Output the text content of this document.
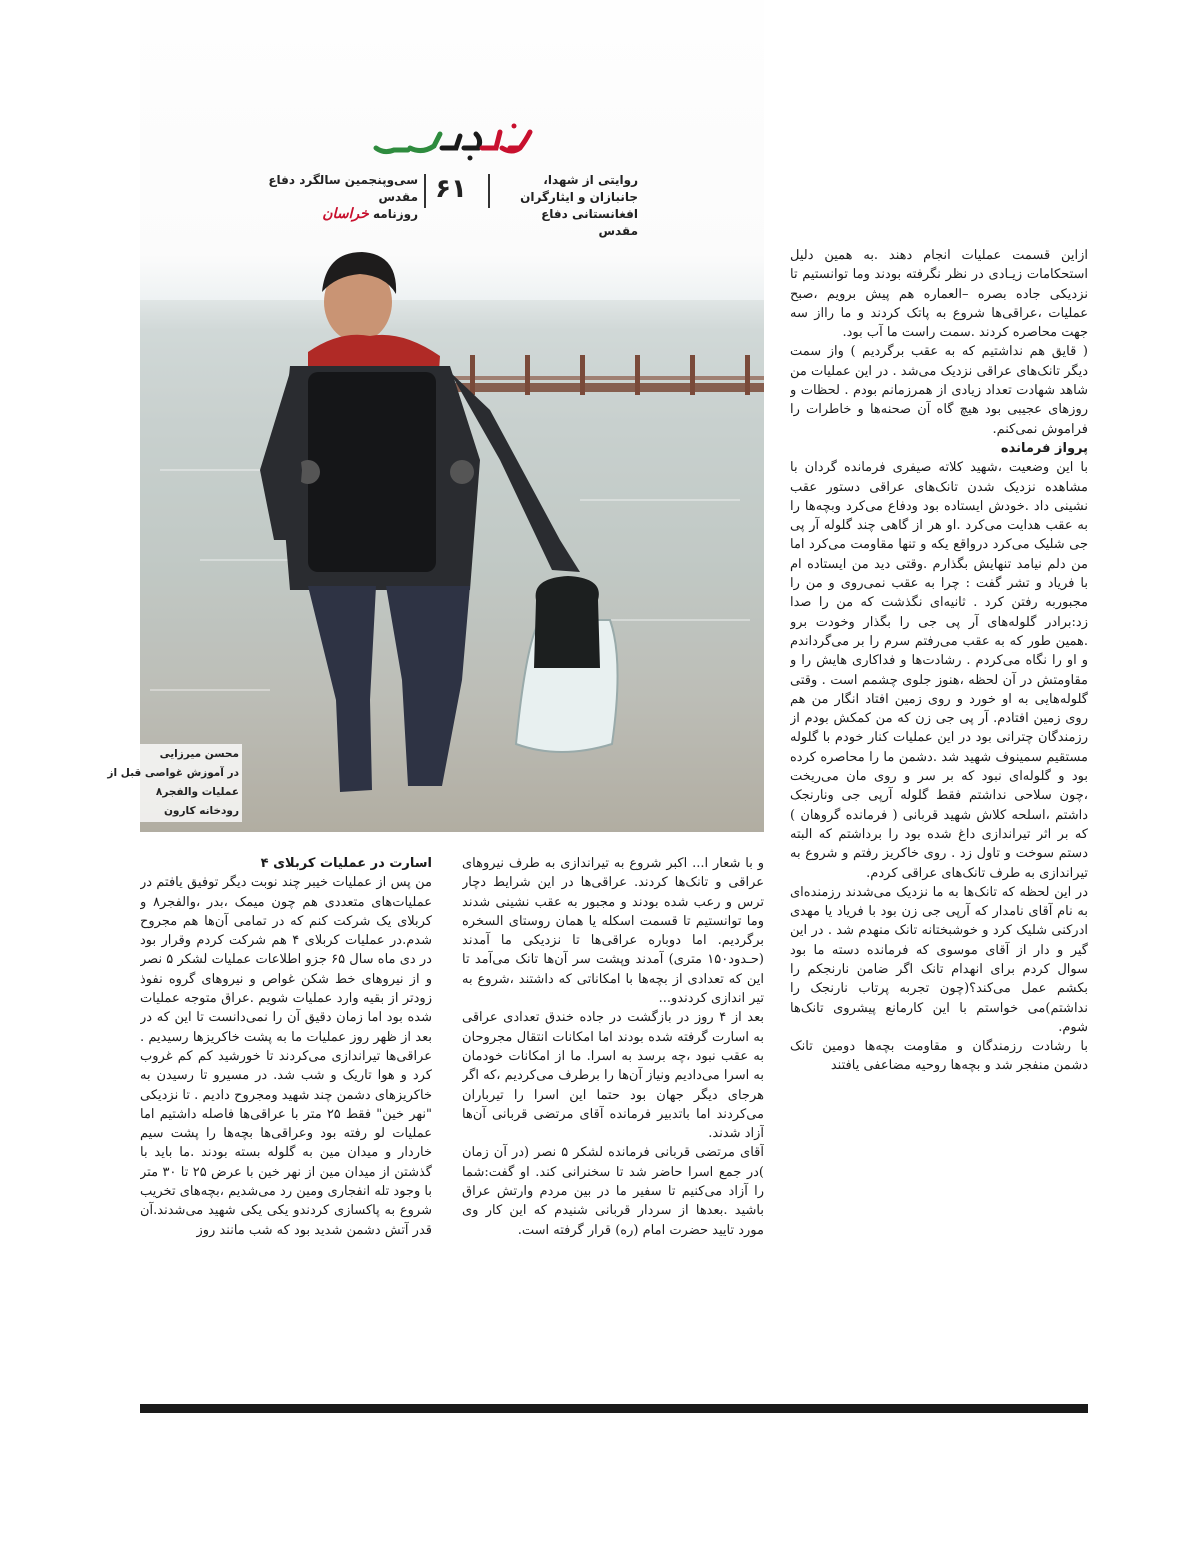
روایتی از شهدا، جانبازان و ایثارگران
افغانستانی دفاع مقدس
۶۱
سی‌وپنجمین سالگرد دفاع مقدس
روزنامه خراسان
محسن میرزایی
در آموزش غواصی قبل از
عملیات والفجر۸
رودخانه کارون

ازاین قسمت عملیات انجام دهند .به همین دلیل استحکامات زیـادی در نظر نگرفته بودند وما توانستیم تا نزدیکی جاده بصره –العماره هم پیش برویم ،صبح عملیات ،عراقی‌ها شروع به پاتک کردند و ما رااز سه جهت محاصره کردند .سمت راست ما آب بود.

( قایق هم نداشتیم که به عقب برگردیم ) واز سمت دیگر تانک‌های عراقی نزدیک می‌شد . در این عملیات من شاهد شهادت تعداد زیادی از همرزمانم بودم . لحظات و روزهای عجیبی بود هیچ گاه آن صحنه‌ها و خاطرات را فراموش نمی‌کنم.

پرواز فرمانده

با این وضعیت ،شهید کلاته صیفری فرمانده گردان با مشاهده نزدیک شدن تانک‌های عراقی دستور عقب نشینی داد .خودش ایستاده بود ودفاع می‌کرد وبچه‌ها را به عقب هدایت می‌کرد .او هر از گاهی چند گلوله آر پی جی شلیک می‌کرد درواقع یکه و تنها مقاومت می‌کرد اما من دلم نیامد تنهایش بگذارم .وقتی دید من ایستاده ام با فریاد و تشر گفت : چرا به عقب نمی‌روی و من را مجبوربه رفتن کرد . ثانیه‌ای نگذشت که من را صدا زد:برادر گلوله‌های آر پی جی را بگذار وخودت برو .همین طور که به عقب می‌رفتم سرم را بر می‌گرداندم و او را نگاه می‌کردم . رشادت‌ها و فداکاری هایش را و مقاومتش در آن لحظه ،هنوز جلوی چشمم است . وقتی گلوله‌هایی به او خورد و روی زمین افتاد انگار من هم روی زمین افتادم. آر پی جی زن که من کمکش بودم از رزمندگان چترانی بود در این عملیات کنار خودم با گلوله مستقیم سمینوف شهید شد .دشمن ما را محاصره کرده بود و گلوله‌ای نبود که بر سر و روی مان می‌ریخت ،چون سلاحی نداشتم فقط گلوله آرپی جی ونارنجک داشتم ،اسلحه کلاش شهید قربانی ( فرمانده گروهان ) که بر اثر تیراندازی داغ شده بود را برداشتم که البته دستم سوخت و تاول زد . روی خاکریز رفتم و شروع به تیراندازی به طرف تانک‌های عراقی کردم.

در این لحظه که تانک‌ها به ما نزدیک می‌شدند رزمنده‌ای به نام آقای نامدار که آرپی جی زن بود با فریاد یا مهدی ادرکنی شلیک کرد و خوشبختانه تانک منهدم شد . در این گیر و دار از آقای موسوی که فرمانده دسته ما بود سوال کردم برای انهدام تانک اگر ضامن نارنجکم را بکشم عمل می‌کند؟(چون تجربه پرتاب نارنجک را نداشتم)می خواستم با این کارمانع پیشروی تانک‌ها شوم.

با رشادت رزمندگان و مقاومت بچه‌ها دومین تانک دشمن منفجر شد و بچه‌ها روحیه مضاعفی یافتند

و با شعار ا... اکبر شروع به تیراندازی به طرف نیروهای عراقی و تانک‌ها کردند. عراقی‌ها در این شرایط دچار ترس و رعب شده بودند و مجبور به عقب نشینی شدند وما توانستیم تا قسمت اسکله یا همان روستای السخره برگردیم. اما دوباره عراقی‌ها تا نزدیکی ما آمدند (حـدود۱۵۰ متری) آمدند وپشت سر آن‌ها تانک می‌آمد تا این که تعدادی از بچه‌ها با امکاناتی که داشتند ،شروع به تیر اندازی کردندو...

بعد از ۴ روز در بازگشت در جاده خندق تعدادی عراقی به اسارت گرفته شده بودند اما امکانات انتقال مجروحان به عقب نبود ،چه برسد به اسرا. ما از امکانات خودمان به اسرا می‌دادیم ونیاز آن‌ها را برطرف می‌کردیم ،که اگر هرجای دیگر جهان بود حتما این اسرا را تیرباران می‌کردند اما باتدبیر فرمانده آقای مرتضی قربانی آن‌ها آزاد شدند.

آقای مرتضی قربانی فرمانده لشکر ۵ نصر (در آن زمان )در جمع اسرا حاضر شد تا سخنرانی کند. او گفت:شما را آزاد می‌کنیم تا سفیر ما در بین مردم وارتش عراق باشید .بعدها از سردار قربانی شنیدم که این کار وی مورد تایید حضرت امام (ره) قرار گرفته است.

اسارت در عملیات کربلای ۴

من پس از عملیات خیبر چند نوبت دیگر توفیق یافتم در عملیات‌های متعددی هم چون میمک ،بدر ،والفجر۸ و کربلای یک شرکت کنم که در تمامی آن‌ها هم مجروح شدم.در عملیات کربلای ۴ هم شرکت کردم وقرار بود در دی ماه سال ۶۵ جزو اطلاعات عملیات لشکر ۵ نصر و از نیروهای خط شکن غواص و نیروهای گروه نفوذ زودتر از بقیه وارد عملیات شویم .عراق متوجه عملیات شده بود اما زمان دقیق آن را نمی‌دانست تا این که در بعد از ظهر روز عملیات ما به پشت خاکریزها رسیدیم . عراقی‌ها تیراندازی می‌کردند تا خورشید کم کم غروب کرد و هوا تاریک و شب شد. در مسیرو تا رسیدن به خاکریزهای دشمن چند شهید ومجروح دادیم . تا نزدیکی "نهر خین" فقط ۲۵ متر با عراقی‌ها فاصله داشتیم اما عملیات لو رفته بود وعراقی‌ها بچه‌ها را پشت سیم خاردار و میدان مین به گلوله بسته بودند .ما باید با گذشتن از میدان مین از نهر خین با عرض ۲۵ تا ۳۰ متر با وجود تله انفجاری ومین رد می‌شدیم ،بچه‌های تخریب شروع به پاکسازی کردندو یکی یکی شهید می‌شدند.آن قدر آتش دشمن شدید بود که شب مانند روز
